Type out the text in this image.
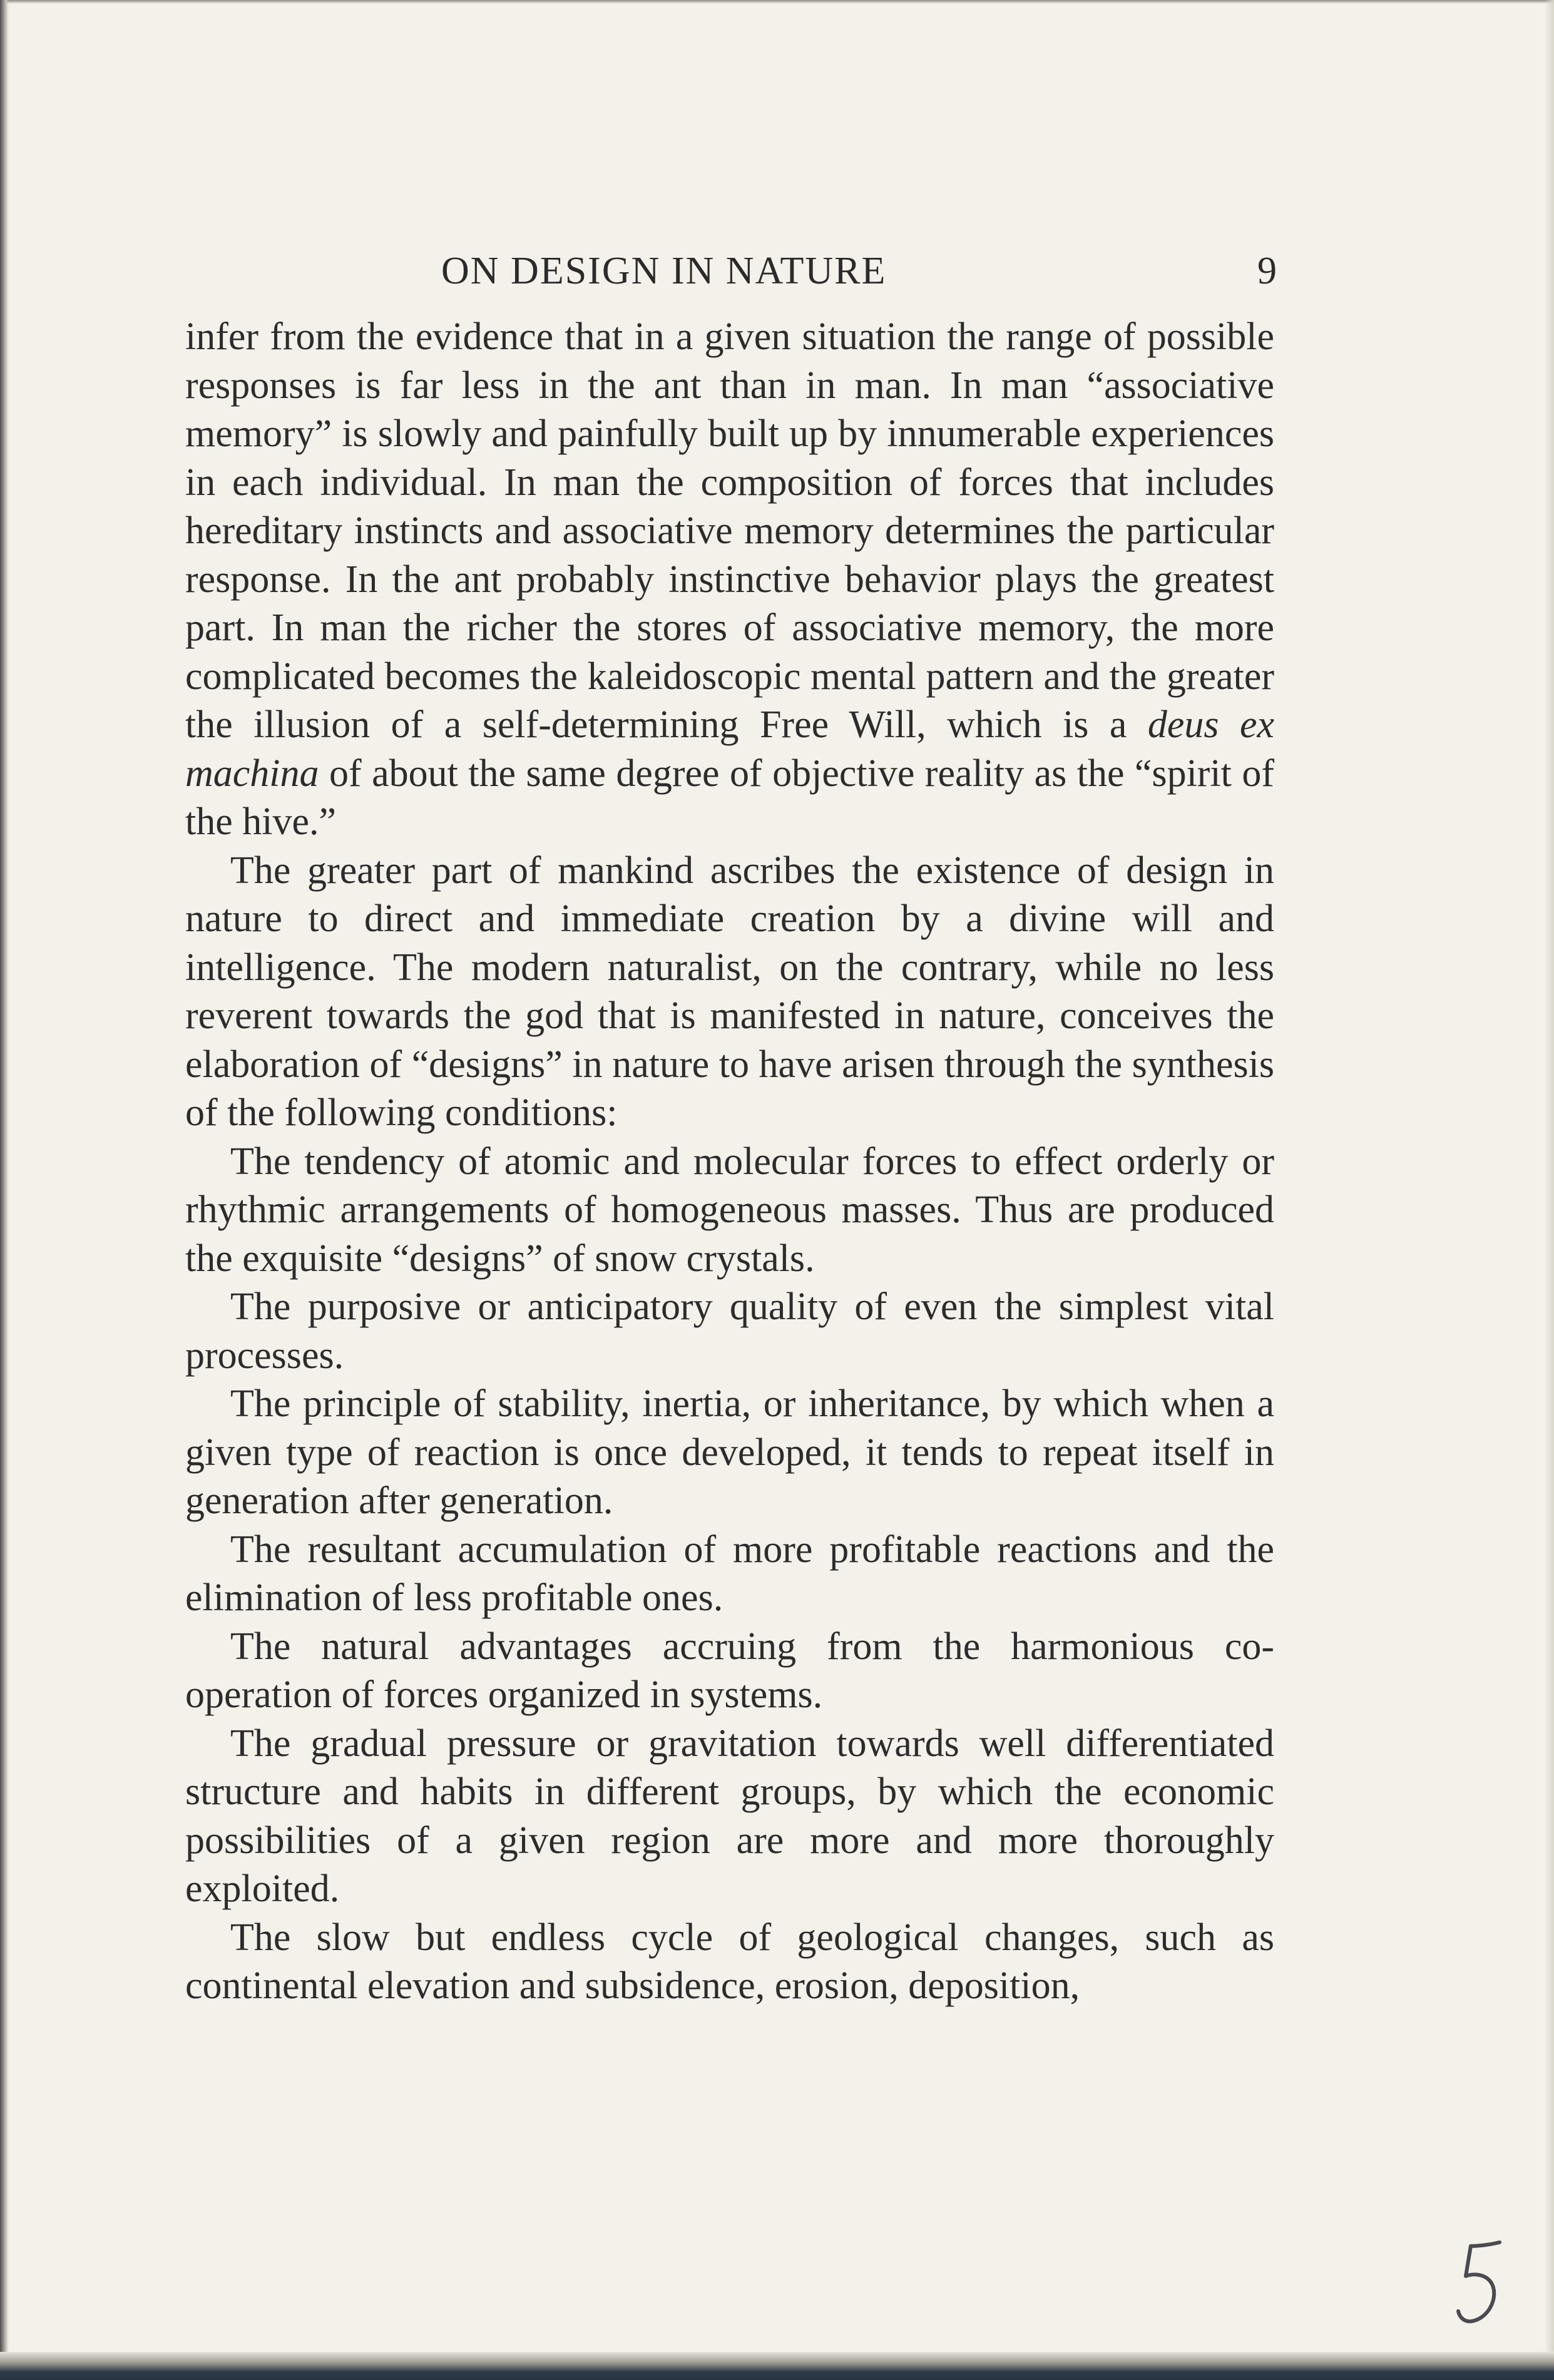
ON DESIGN IN NATURE	9

infer from the evidence that in a given situation the range of possible responses is far less in the ant than in man. In man “associative memory” is slowly and painfully built up by innumerable experiences in each individual. In man the composition of forces that includes hereditary instincts and associative memory determines the particular response. In the ant probably instinctive behavior plays the greatest part. In man the richer the stores of associative memory, the more complicated becomes the kaleidoscopic mental pattern and the greater the illusion of a self-determining Free Will, which is a deus ex machina of about the same degree of objective reality as the “spirit of the hive.”

The greater part of mankind ascribes the existence of design in nature to direct and immediate creation by a divine will and intelligence. The modern naturalist, on the contrary, while no less reverent towards the god that is manifested in nature, conceives the elaboration of “designs” in nature to have arisen through the synthesis of the following conditions:

The tendency of atomic and molecular forces to effect orderly or rhythmic arrangements of homogeneous masses. Thus are produced the exquisite “designs” of snow crystals.

The purposive or anticipatory quality of even the simplest vital processes.

The principle of stability, inertia, or inheritance, by which when a given type of reaction is once developed, it tends to repeat itself in generation after generation.

The resultant accumulation of more profitable reactions and the elimination of less profitable ones.

The natural advantages accruing from the harmonious co-operation of forces organized in systems.

The gradual pressure or gravitation towards well differentiated structure and habits in different groups, by which the economic possibilities of a given region are more and more thoroughly exploited.

The slow but endless cycle of geological changes, such as continental elevation and subsidence, erosion, deposition,
